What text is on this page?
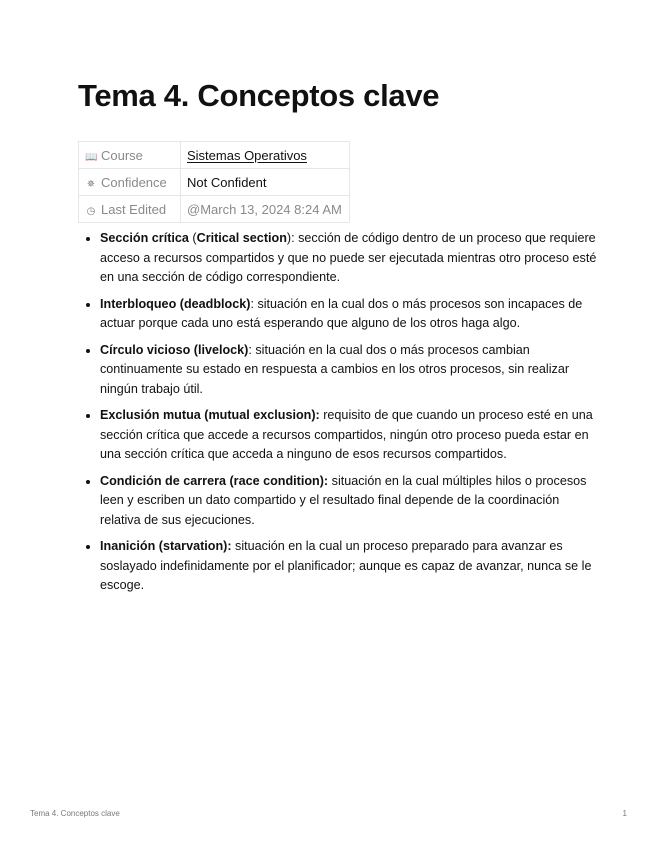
Tema 4. Conceptos clave
📖 Course	Sistemas Operativos
✵ Confidence	Not Confident
◷ Last Edited	@March 13, 2024 8:24 AM
• Sección crítica (Critical section): sección de código dentro de un proceso que requiere acceso a recursos compartidos y que no puede ser ejecutada mientras otro proceso esté en una sección de código correspondiente.
• Interbloqueo (deadblock): situación en la cual dos o más procesos son incapaces de actuar porque cada uno está esperando que alguno de los otros haga algo.
• Círculo vicioso (livelock): situación en la cual dos o más procesos cambian continuamente su estado en respuesta a cambios en los otros procesos, sin realizar ningún trabajo útil.
• Exclusión mutua (mutual exclusion): requisito de que cuando un proceso esté en una sección crítica que accede a recursos compartidos, ningún otro proceso pueda estar en una sección crítica que acceda a ninguno de esos recursos compartidos.
• Condición de carrera (race condition): situación en la cual múltiples hilos o procesos leen y escriben un dato compartido y el resultado final depende de la coordinación relativa de sus ejecuciones.
• Inanición (starvation): situación en la cual un proceso preparado para avanzar es soslayado indefinidamente por el planificador; aunque es capaz de avanzar, nunca se le escoge.
Tema 4. Conceptos clave	1
